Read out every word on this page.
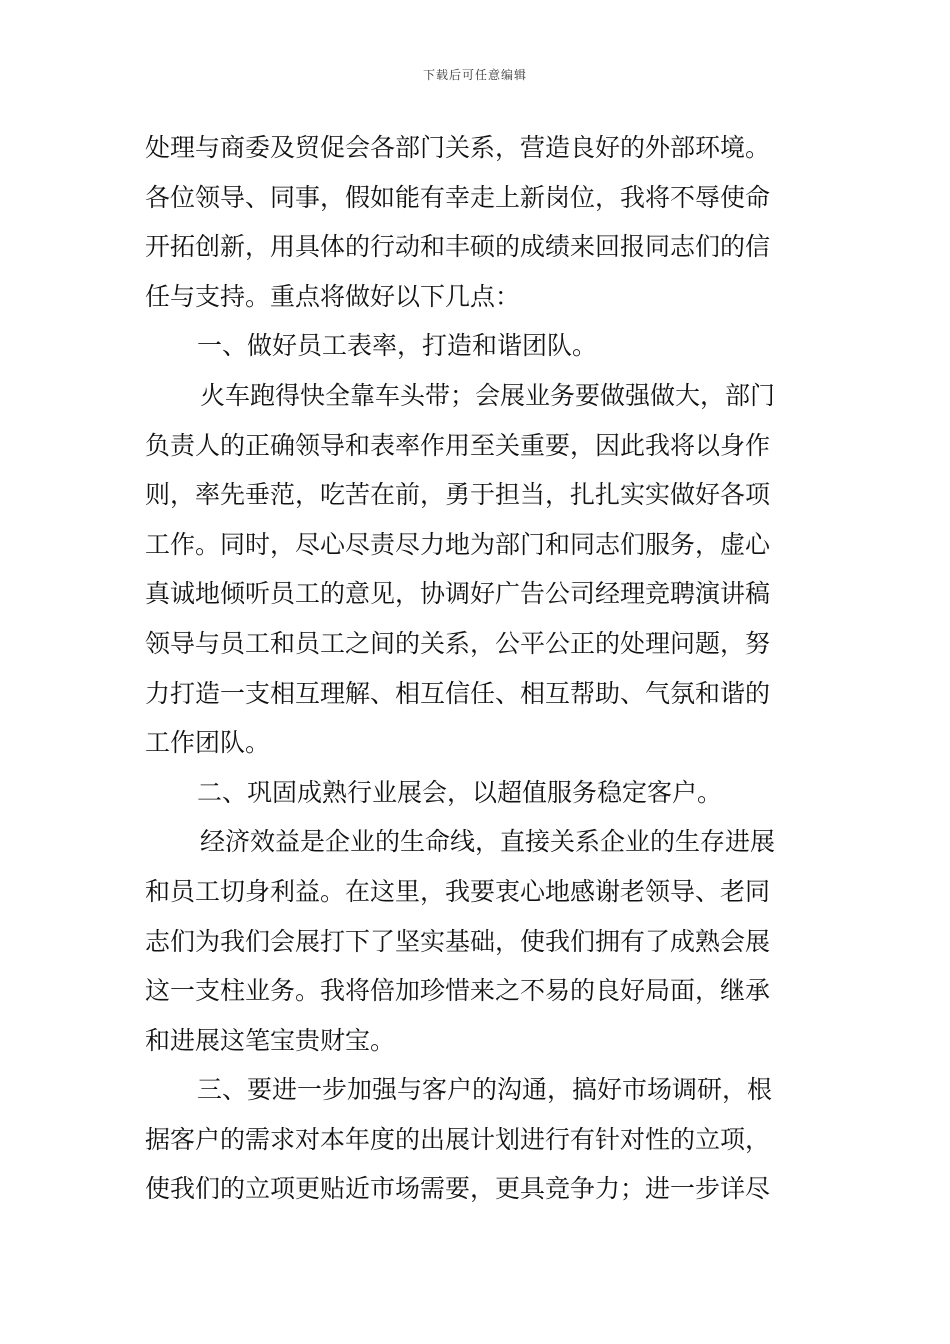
下载后可任意编辑
处理与商委及贸促会各部门关系，营造良好的外部环境。
各位领导、同事，假如能有幸走上新岗位，我将不辱使命
开拓创新，用具体的行动和丰硕的成绩来回报同志们的信
任与支持。重点将做好以下几点：
一、做好员工表率，打造和谐团队。
火车跑得快全靠车头带；会展业务要做强做大，部门
负责人的正确领导和表率作用至关重要，因此我将以身作
则，率先垂范，吃苦在前，勇于担当，扎扎实实做好各项
工作。同时，尽心尽责尽力地为部门和同志们服务，虚心
真诚地倾听员工的意见，协调好广告公司经理竞聘演讲稿
领导与员工和员工之间的关系，公平公正的处理问题，努
力打造一支相互理解、相互信任、相互帮助、气氛和谐的
工作团队。
二、巩固成熟行业展会，以超值服务稳定客户。
经济效益是企业的生命线，直接关系企业的生存进展
和员工切身利益。在这里，我要衷心地感谢老领导、老同
志们为我们会展打下了坚实基础，使我们拥有了成熟会展
这一支柱业务。我将倍加珍惜来之不易的良好局面，继承
和进展这笔宝贵财宝。
三、要进一步加强与客户的沟通，搞好市场调研，根
据客户的需求对本年度的出展计划进行有针对性的立项，
使我们的立项更贴近市场需要，更具竞争力；进一步详尽
